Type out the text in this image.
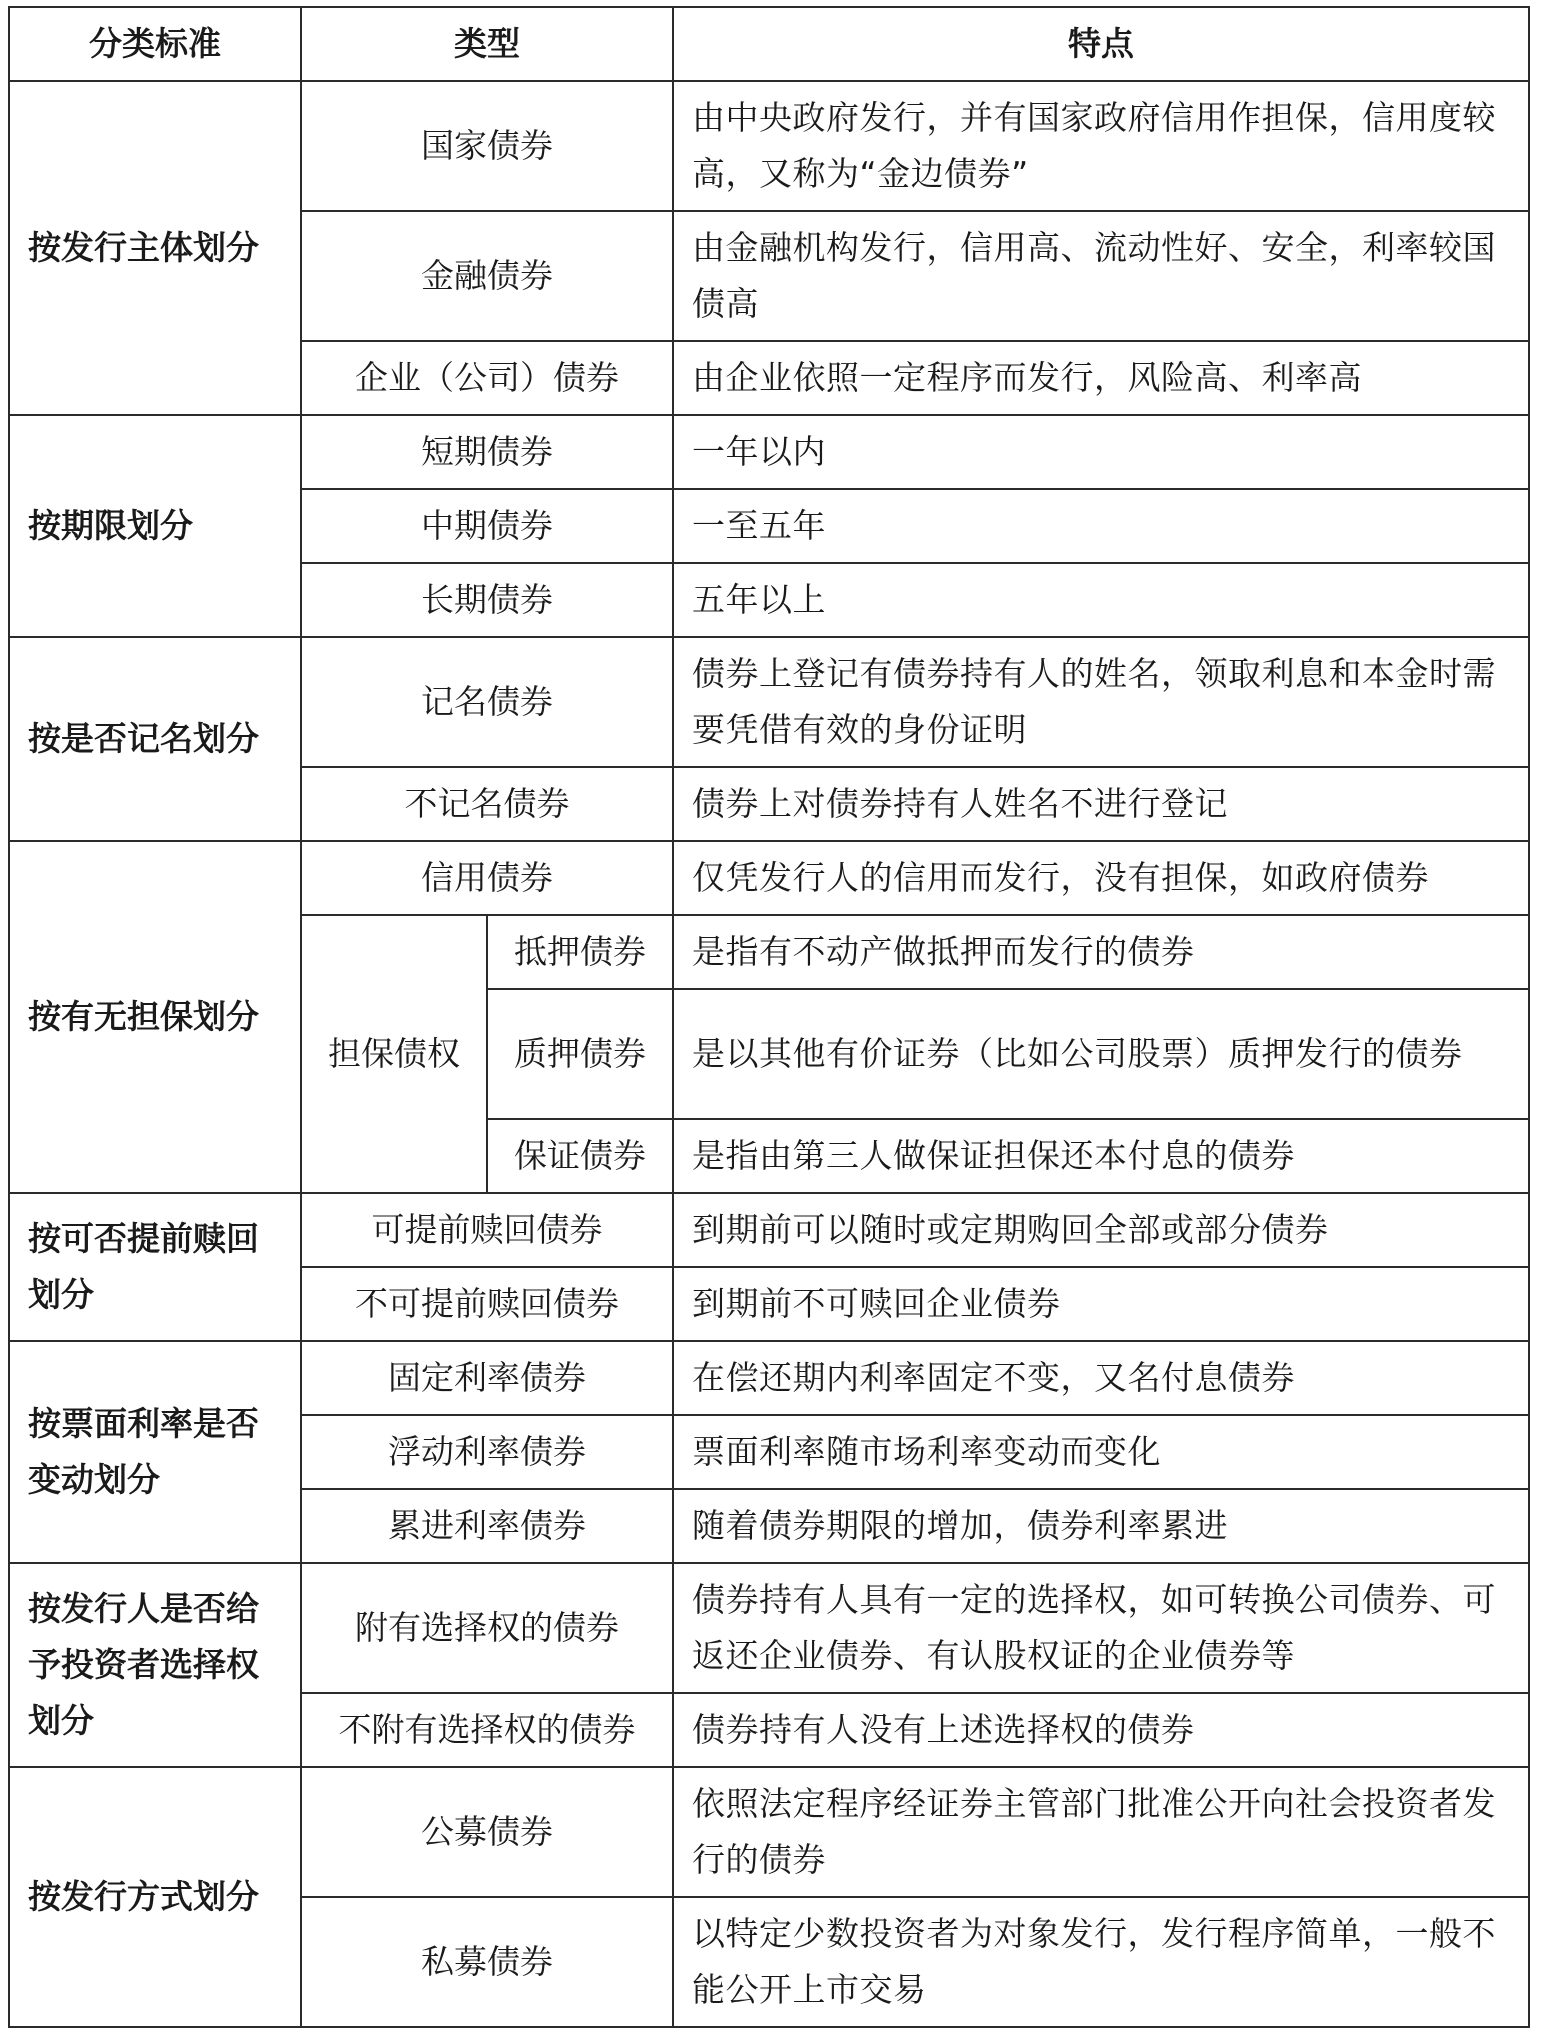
分类标准	类型		特点
按发行主体划分	国家债券		由中央政府发行，并有国家政府信用作担保，信用度较高，又称为“金边债券”
	金融债券		由金融机构发行，信用高、流动性好、安全，利率较国债高
	企业（公司）债券		由企业依照一定程序而发行，风险高、利率高
按期限划分	短期债券		一年以内
	中期债券		一至五年
	长期债券		五年以上
按是否记名划分	记名债券		债券上登记有债券持有人的姓名，领取利息和本金时需要凭借有效的身份证明
	不记名债券		债券上对债券持有人姓名不进行登记
按有无担保划分	信用债券		仅凭发行人的信用而发行，没有担保，如政府债券
	担保债权	抵押债券	是指有不动产做抵押而发行的债券
		质押债券	是以其他有价证券（比如公司股票）质押发行的债券
		保证债券	是指由第三人做保证担保还本付息的债券
按可否提前赎回划分	可提前赎回债券		到期前可以随时或定期购回全部或部分债券
	不可提前赎回债券		到期前不可赎回企业债券
按票面利率是否变动划分	固定利率债券		在偿还期内利率固定不变，又名付息债券
	浮动利率债券		票面利率随市场利率变动而变化
	累进利率债券		随着债券期限的增加，债券利率累进
按发行人是否给予投资者选择权划分	附有选择权的债券		债券持有人具有一定的选择权，如可转换公司债券、可返还企业债券、有认股权证的企业债券等
	不附有选择权的债券		债券持有人没有上述选择权的债券
按发行方式划分	公募债券		依照法定程序经证券主管部门批准公开向社会投资者发行的债券
	私募债券		以特定少数投资者为对象发行，发行程序简单，一般不能公开上市交易
